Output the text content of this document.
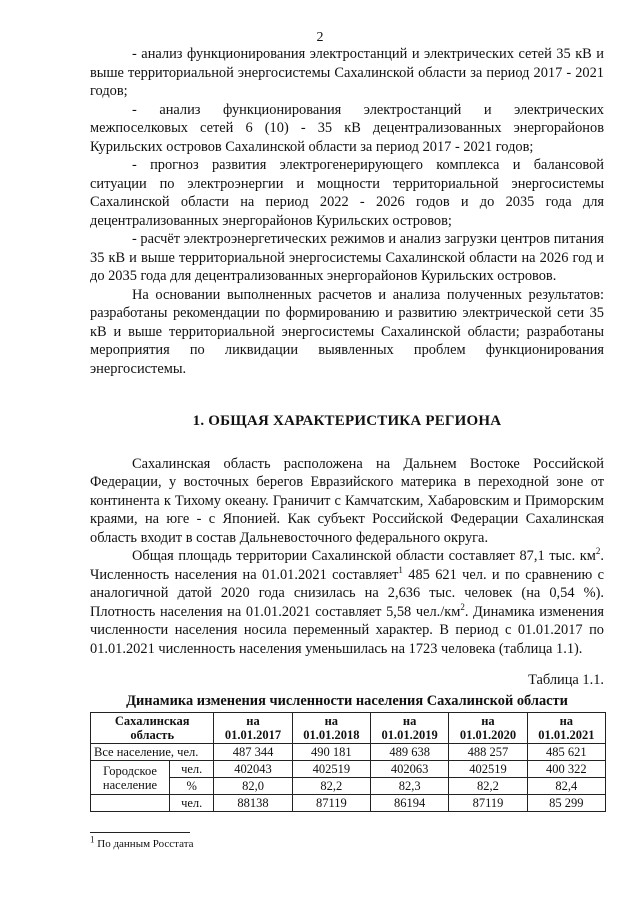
2

- анализ функционирования электростанций и электрических сетей 35 кВ и выше территориальной энергосистемы Сахалинской области за период 2017 - 2021 годов;

- анализ функционирования электростанций и электрических межпоселковых сетей 6 (10) - 35 кВ децентрализованных энергорайонов Курильских островов Сахалинской области за период 2017 - 2021 годов;

- прогноз развития электрогенерирующего комплекса и балансовой ситуации по электроэнергии и мощности территориальной энергосистемы Сахалинской области на период 2022 - 2026 годов и до 2035 года для децентрализованных энергорайонов Курильских островов;

- расчёт электроэнергетических режимов и анализ загрузки центров питания 35 кВ и выше территориальной энергосистемы Сахалинской области на 2026 год и до 2035 года для децентрализованных энергорайонов Курильских островов.

На основании выполненных расчетов и анализа полученных результатов: разработаны рекомендации по формированию и развитию электрической сети 35 кВ и выше территориальной энергосистемы Сахалинской области; разработаны мероприятия по ликвидации выявленных проблем функционирования энергосистемы.

1. ОБЩАЯ ХАРАКТЕРИСТИКА РЕГИОНА

Сахалинская область расположена на Дальнем Востоке Российской Федерации, у восточных берегов Евразийского материка в переходной зоне от континента к Тихому океану. Граничит с Камчатским, Хабаровским и Приморским краями, на юге - с Японией. Как субъект Российской Федерации Сахалинская область входит в состав Дальневосточного федерального округа.

Общая площадь территории Сахалинской области составляет 87,1 тыс. $км^2$. Численность населения на 01.01.2021 составляет$^1$ 485 621 чел. и по сравнению с аналогичной датой 2020 года снизилась на 2,636 тыс. человек (на 0,54 %). Плотность населения на 01.01.2021 составляет 5,58 $чел./км^2$. Динамика изменения численности населения носила переменный характер. В период с 01.01.2017 по 01.01.2021 численность населения уменьшилась на 1723 человека (таблица 1.1).

Таблица 1.1.

Динамика изменения численности населения Сахалинской области

Сахалинская область		на 01.01.2017	на 01.01.2018	на 01.01.2019	на 01.01.2020	на 01.01.2021
Все население, чел.		487 344	490 181	489 638	488 257	485 621
Городское население	чел.	402043	402519	402063	402519	400 322
	%	82,0	82,2	82,3	82,2	82,4
	чел.	88138	87119	86194	87119	85 299
$^1$ По данным Росстата
